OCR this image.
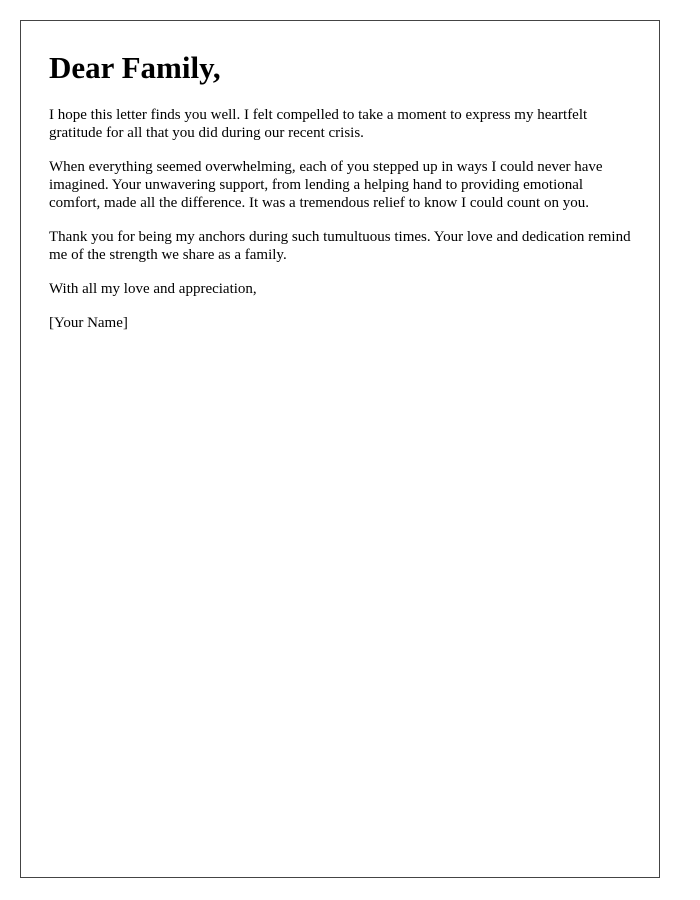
Dear Family,

I hope this letter finds you well. I felt compelled to take a moment to express my heartfelt gratitude for all that you did during our recent crisis.

When everything seemed overwhelming, each of you stepped up in ways I could never have imagined. Your unwavering support, from lending a helping hand to providing emotional comfort, made all the difference. It was a tremendous relief to know I could count on you.

Thank you for being my anchors during such tumultuous times. Your love and dedication remind me of the strength we share as a family.

With all my love and appreciation,

[Your Name]
